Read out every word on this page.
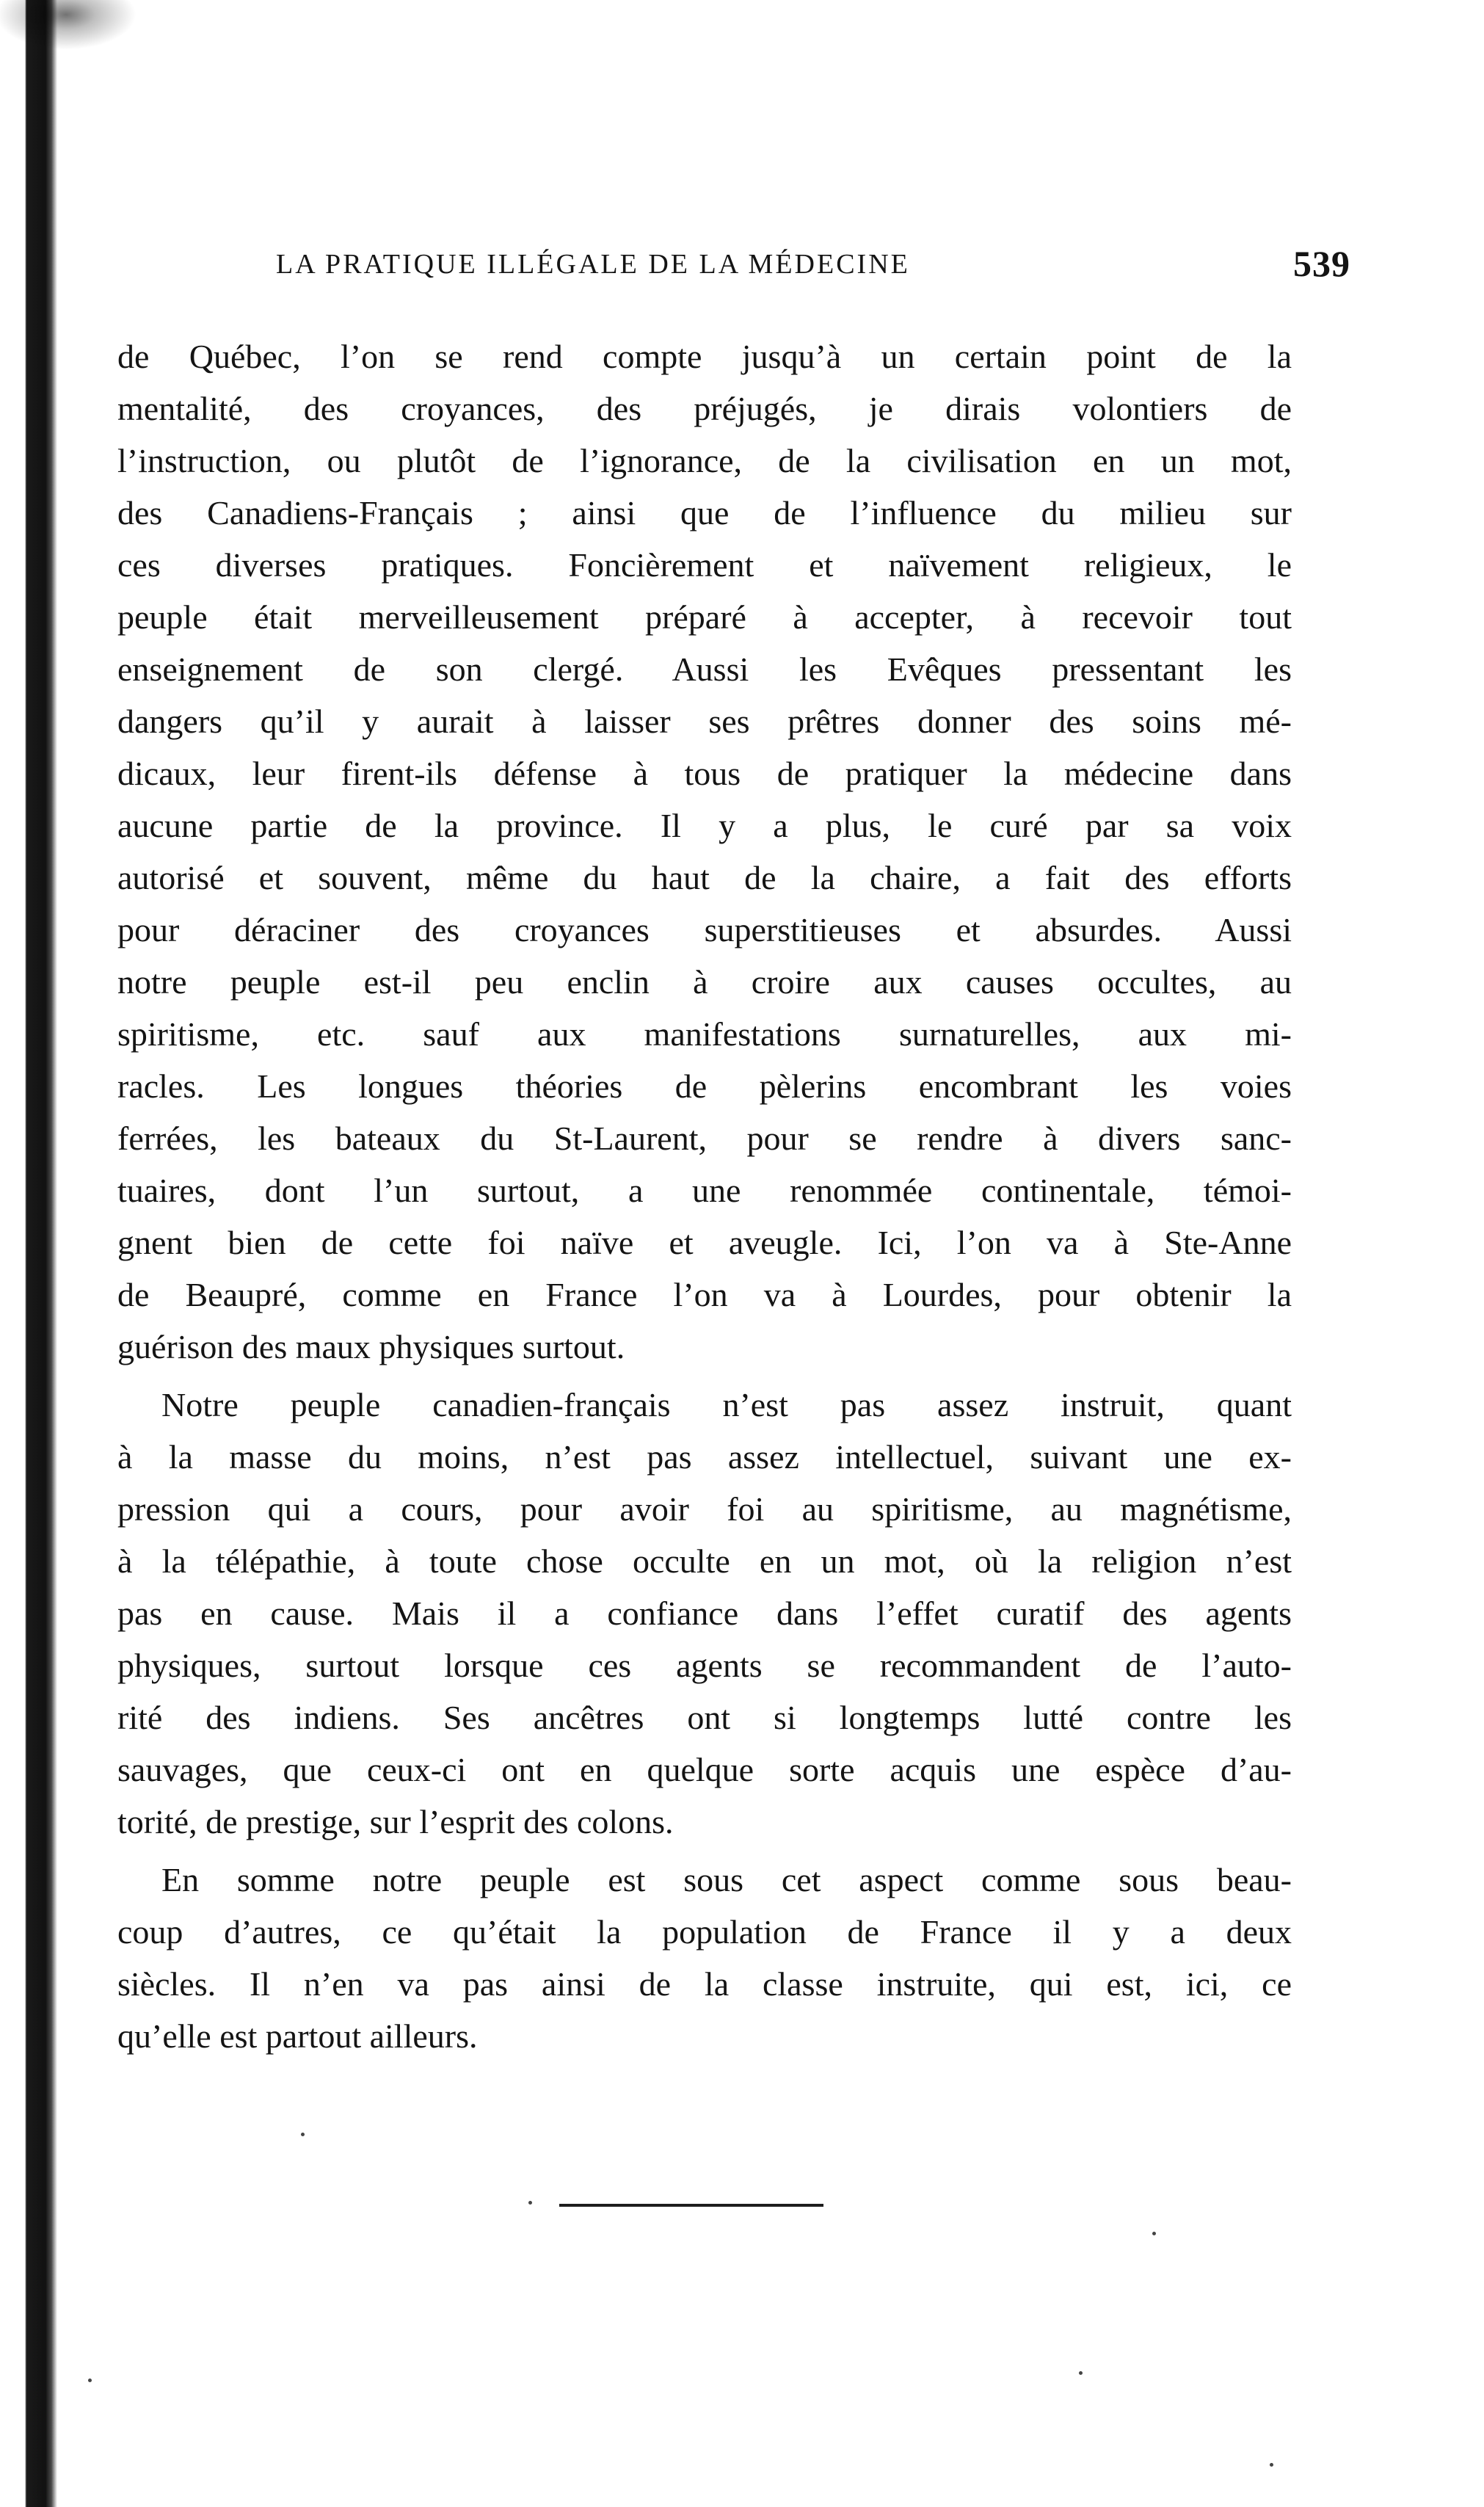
LA PRATIQUE ILLÉGALE DE LA MÉDECINE	539
de Québec, l’on se rend compte jusqu’à un certain point de la
mentalité, des croyances, des préjugés, je dirais volontiers de
l’instruction, ou plutôt de l’ignorance, de la civilisation en un mot,
des Canadiens-Français ; ainsi que de l’influence du milieu sur
ces diverses pratiques. Foncièrement et naïvement religieux, le
peuple était merveilleusement préparé à accepter, à recevoir tout
enseignement de son clergé. Aussi les Evêques pressentant les
dangers qu’il y aurait à laisser ses prêtres donner des soins mé-
dicaux, leur firent-ils défense à tous de pratiquer la médecine dans
aucune partie de la province. Il y a plus, le curé par sa voix
autorisé et souvent, même du haut de la chaire, a fait des efforts
pour déraciner des croyances superstitieuses et absurdes. Aussi
notre peuple est-il peu enclin à croire aux causes occultes, au
spiritisme, etc. sauf aux manifestations surnaturelles, aux mi-
racles. Les longues théories de pèlerins encombrant les voies
ferrées, les bateaux du St-Laurent, pour se rendre à divers sanc-
tuaires, dont l’un surtout, a une renommée continentale, témoi-
gnent bien de cette foi naïve et aveugle. Ici, l’on va à Ste-Anne
de Beaupré, comme en France l’on va à Lourdes, pour obtenir la
guérison des maux physiques surtout.
Notre peuple canadien-français n’est pas assez instruit, quant
à la masse du moins, n’est pas assez intellectuel, suivant une ex-
pression qui a cours, pour avoir foi au spiritisme, au magnétisme,
à la télépathie, à toute chose occulte en un mot, où la religion n’est
pas en cause. Mais il a confiance dans l’effet curatif des agents
physiques, surtout lorsque ces agents se recommandent de l’auto-
rité des indiens. Ses ancêtres ont si longtemps lutté contre les
sauvages, que ceux-ci ont en quelque sorte acquis une espèce d’au-
torité, de prestige, sur l’esprit des colons.
En somme notre peuple est sous cet aspect comme sous beau-
coup d’autres, ce qu’était la population de France il y a deux
siècles. Il n’en va pas ainsi de la classe instruite, qui est, ici, ce
qu’elle est partout ailleurs.
